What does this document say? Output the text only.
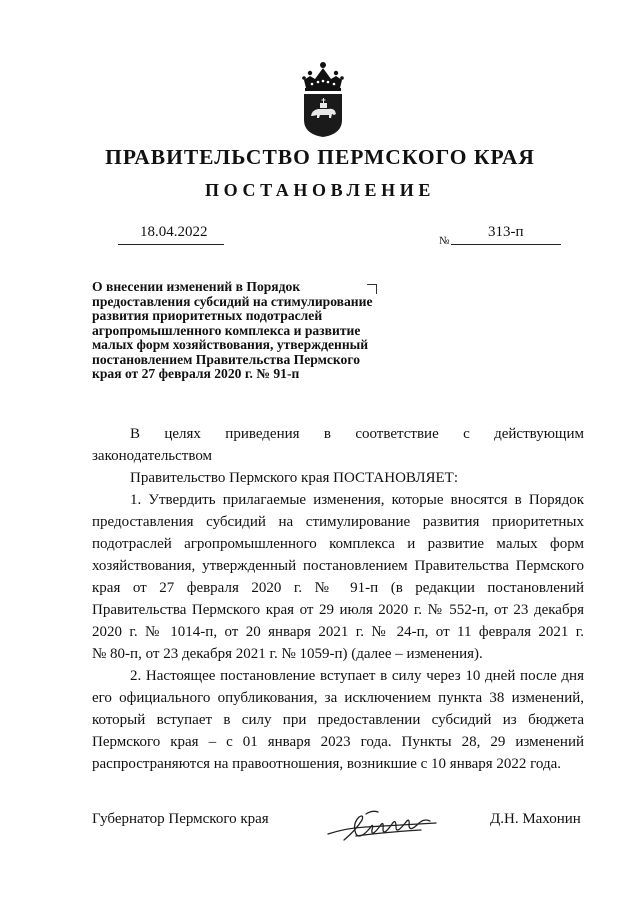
ПРАВИТЕЛЬСТВО ПЕРМСКОГО КРАЯ
ПОСТАНОВЛЕНИЕ
18.04.2022
№
313-п
О внесении изменений в Порядок
предоставления субсидий на стимулирование
развития приоритетных подотраслей
агропромышленного комплекса и развитие
малых форм хозяйствования, утвержденный
постановлением Правительства Пермского
края от 27 февраля 2020 г. № 91-п
В целях приведения в соответствие с действующим
законодательством
Правительство Пермского края ПОСТАНОВЛЯЕТ:
1. Утвердить прилагаемые изменения, которые вносятся в Порядок
предоставления субсидий на стимулирование развития приоритетных
подотраслей агропромышленного комплекса и развитие малых форм
хозяйствования, утвержденный постановлением Правительства Пермского
края от 27 февраля 2020 г. № 91-п (в редакции постановлений
Правительства Пермского края от 29 июля 2020 г. № 552-п, от 23 декабря
2020 г. № 1014-п, от 20 января 2021 г. № 24-п, от 11 февраля 2021 г.
№ 80-п, от 23 декабря 2021 г. № 1059-п) (далее – изменения).
2. Настоящее постановление вступает в силу через 10 дней после дня
его официального опубликования, за исключением пункта 38 изменений,
который вступает в силу при предоставлении субсидий из бюджета
Пермского края – с 01 января 2023 года. Пункты 28, 29 изменений
распространяются на правоотношения, возникшие с 10 января 2022 года.
Губернатор Пермского края	Д.Н. Махонин
